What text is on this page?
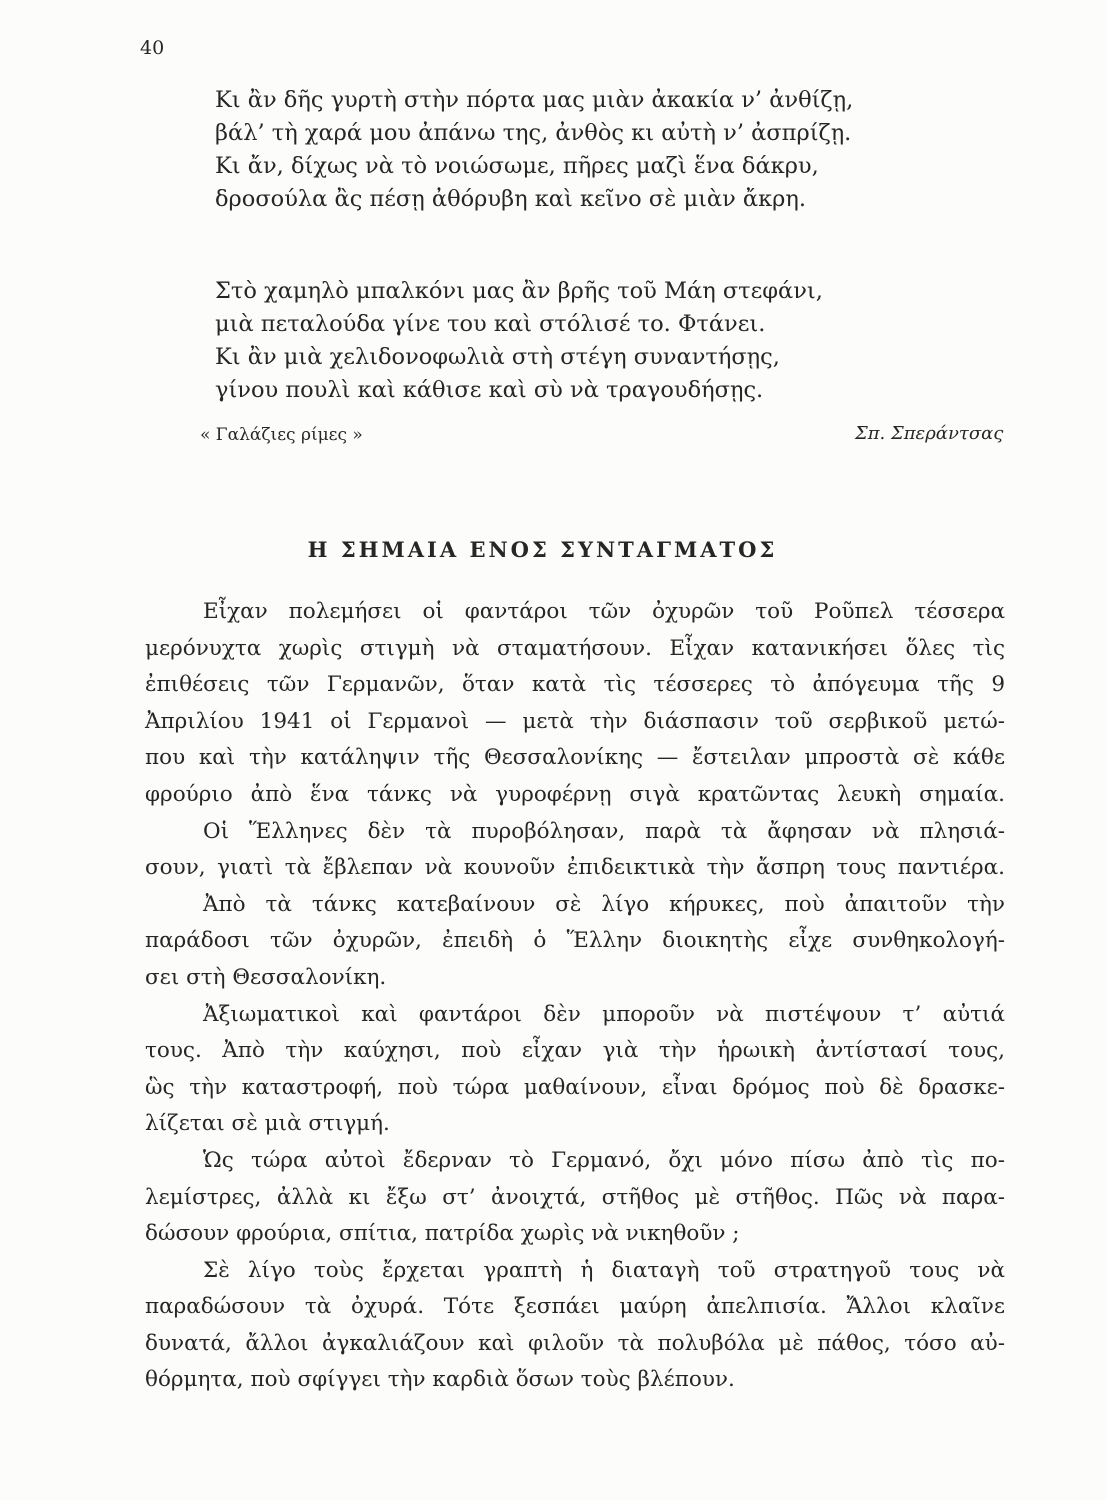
40
Κι ἂν δῆς γυρτὴ στὴν πόρτα μας μιὰν ἀκακία ν’ ἀνθίζῃ,
βάλ’ τὴ χαρά μου ἀπάνω της, ἀνθὸς κι αὐτὴ ν’ ἀσπρίζῃ.
Κι ἄν, δίχως νὰ τὸ νοιώσωμε, πῆρες μαζὶ ἕνα δάκρυ,
δροσούλα ἂς πέσῃ ἀθόρυβη καὶ κεῖνο σὲ μιὰν ἄκρη.
Στὸ χαμηλὸ μπαλκόνι μας ἂν βρῆς τοῦ Μάη στεφάνι,
μιὰ πεταλούδα γίνε του καὶ στόλισέ το. Φτάνει.
Κι ἂν μιὰ χελιδονοφωλιὰ στὴ στέγη συναντήσῃς,
γίνου πουλὶ καὶ κάθισε καὶ σὺ νὰ τραγουδήσῃς.
« Γαλάζιες ρίμες »	Σπ. Σπεράντσας
Η ΣΗΜΑΙΑ ΕΝΟΣ ΣΥΝΤΑΓΜΑΤΟΣ
Εἶχαν πολεμήσει οἱ φαντάροι τῶν ὀχυρῶν τοῦ Ροῦπελ τέσσερα
μερόνυχτα χωρὶς στιγμὴ νὰ σταματήσουν. Εἶχαν κατανικήσει ὅλες τὶς
ἐπιθέσεις τῶν Γερμανῶν, ὅταν κατὰ τὶς τέσσερες τὸ ἀπόγευμα τῆς 9
Ἀπριλίου 1941 οἱ Γερμανοὶ — μετὰ τὴν διάσπασιν τοῦ σερβικοῦ μετώ-
που καὶ τὴν κατάληψιν τῆς Θεσσαλονίκης — ἔστειλαν μπροστὰ σὲ κάθε
φρούριο ἀπὸ ἕνα τάνκς νὰ γυροφέρνῃ σιγὰ κρατῶντας λευκὴ σημαία.
Οἱ Ἕλληνες δὲν τὰ πυροβόλησαν, παρὰ τὰ ἄφησαν νὰ πλησιά-
σουν, γιατὶ τὰ ἔβλεπαν νὰ κουνοῦν ἐπιδεικτικὰ τὴν ἄσπρη τους παντιέρα.
Ἀπὸ τὰ τάνκς κατεβαίνουν σὲ λίγο κήρυκες, ποὺ ἀπαιτοῦν τὴν
παράδοσι τῶν ὀχυρῶν, ἐπειδὴ ὁ Ἕλλην διοικητὴς εἶχε συνθηκολογή-
σει στὴ Θεσσαλονίκη.
Ἀξιωματικοὶ καὶ φαντάροι δὲν μποροῦν νὰ πιστέψουν τ’ αὐτιά
τους. Ἀπὸ τὴν καύχησι, ποὺ εἶχαν γιὰ τὴν ἡρωικὴ ἀντίστασί τους,
ὣς τὴν καταστροφή, ποὺ τώρα μαθαίνουν, εἶναι δρόμος ποὺ δὲ δρασκε-
λίζεται σὲ μιὰ στιγμή.
Ὡς τώρα αὐτοὶ ἔδερναν τὸ Γερμανό, ὄχι μόνο πίσω ἀπὸ τὶς πο-
λεμίστρες, ἀλλὰ κι ἔξω στ’ ἀνοιχτά, στῆθος μὲ στῆθος. Πῶς νὰ παρα-
δώσουν φρούρια, σπίτια, πατρίδα χωρὶς νὰ νικηθοῦν ;
Σὲ λίγο τοὺς ἔρχεται γραπτὴ ἡ διαταγὴ τοῦ στρατηγοῦ τους νὰ
παραδώσουν τὰ ὀχυρά. Τότε ξεσπάει μαύρη ἀπελπισία. Ἄλλοι κλαῖνε
δυνατά, ἄλλοι ἀγκαλιάζουν καὶ φιλοῦν τὰ πολυβόλα μὲ πάθος, τόσο αὐ-
θόρμητα, ποὺ σφίγγει τὴν καρδιὰ ὅσων τοὺς βλέπουν.
